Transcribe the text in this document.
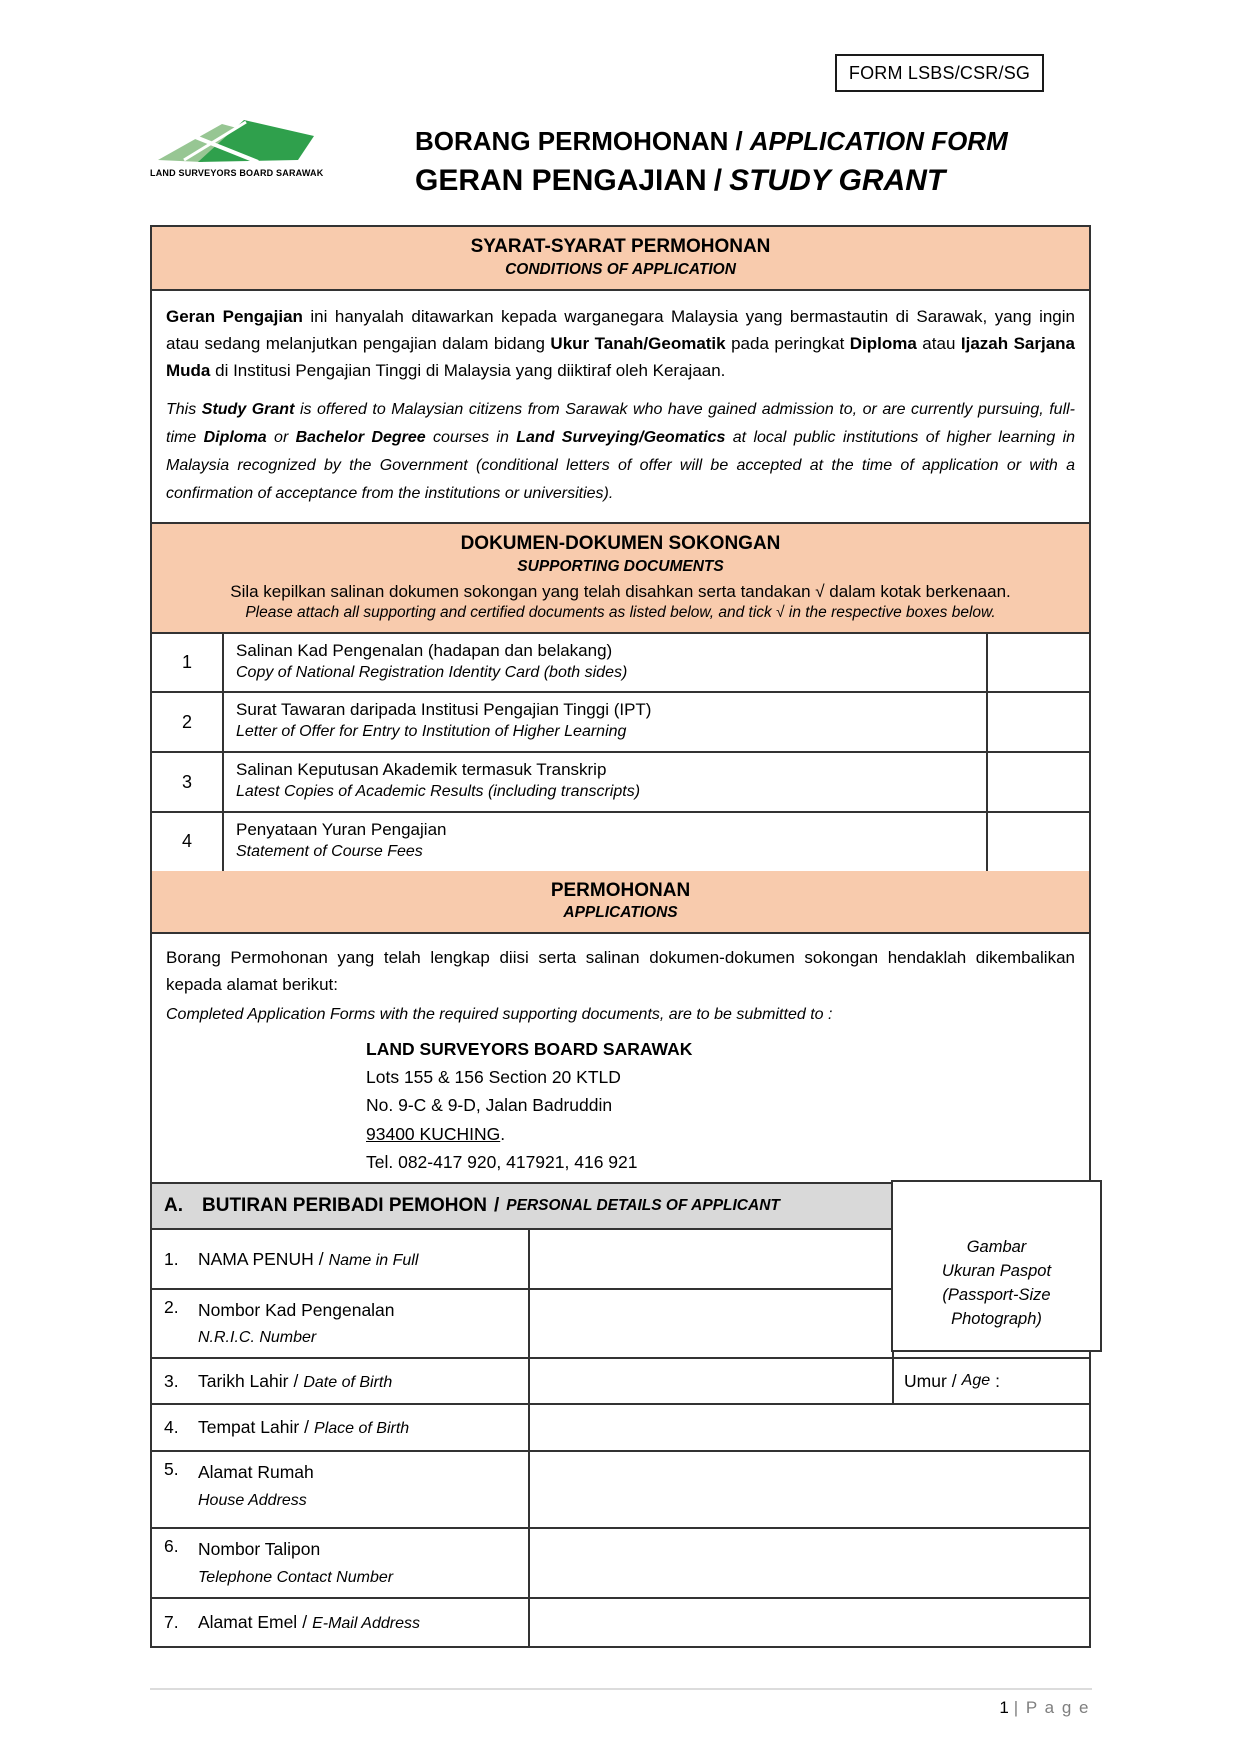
FORM LSBS/CSR/SG
LAND SURVEYORS BOARD SARAWAK
BORANG PERMOHONAN / APPLICATION FORM
GERAN PENGAJIAN / STUDY GRANT
SYARAT-SYARAT PERMOHONAN
CONDITIONS OF APPLICATION

Geran Pengajian ini hanyalah ditawarkan kepada warganegara Malaysia yang bermastautin di Sarawak, yang ingin atau sedang melanjutkan pengajian dalam bidang Ukur Tanah/Geomatik pada peringkat Diploma atau Ijazah Sarjana Muda di Institusi Pengajian Tinggi di Malaysia yang diiktiraf oleh Kerajaan.

This Study Grant is offered to Malaysian citizens from Sarawak who have gained admission to, or are currently pursuing, full-time Diploma or Bachelor Degree courses in Land Surveying/Geomatics at local public institutions of higher learning in Malaysia recognized by the Government (conditional letters of offer will be accepted at the time of application or with a confirmation of acceptance from the institutions or universities).

DOKUMEN-DOKUMEN SOKONGAN
SUPPORTING DOCUMENTS
Sila kepilkan salinan dokumen sokongan yang telah disahkan serta tandakan √ dalam kotak berkenaan.
Please attach all supporting and certified documents as listed below, and tick √ in the respective boxes below.
1
Salinan Kad Pengenalan (hadapan dan belakang)
Copy of National Registration Identity Card (both sides)
2
Surat Tawaran daripada Institusi Pengajian Tinggi (IPT)
Letter of Offer for Entry to Institution of Higher Learning
3
Salinan Keputusan Akademik termasuk Transkrip
Latest Copies of Academic Results (including transcripts)
4
Penyataan Yuran Pengajian
Statement of Course Fees
PERMOHONAN
APPLICATIONS

Borang Permohonan yang telah lengkap diisi serta salinan dokumen-dokumen sokongan hendaklah dikembalikan kepada alamat berikut:

Completed Application Forms with the required supporting documents, are to be submitted to :

LAND SURVEYORS BOARD SARAWAK
Lots 155 & 156 Section 20 KTLD
No. 9-C & 9-D, Jalan Badruddin
93400 KUCHING.
Tel. 082-417 920, 417921, 416 921
A.	BUTIRAN PERIBADI PEMOHON / PERSONAL DETAILS OF APPLICANT
1.	NAMA PENUH / Name in Full
2.	Nombor Kad Pengenalan
N.R.I.C. Number
3.	Tarikh Lahir / Date of Birth	Umur / Age :
4.	Tempat Lahir / Place of Birth
5.	Alamat Rumah
House Address
6.	Nombor Talipon
Telephone Contact Number
7.	Alamat Emel / E-Mail Address
Gambar
Ukuran Paspot
(Passport-Size
Photograph)
1 | P a g e
